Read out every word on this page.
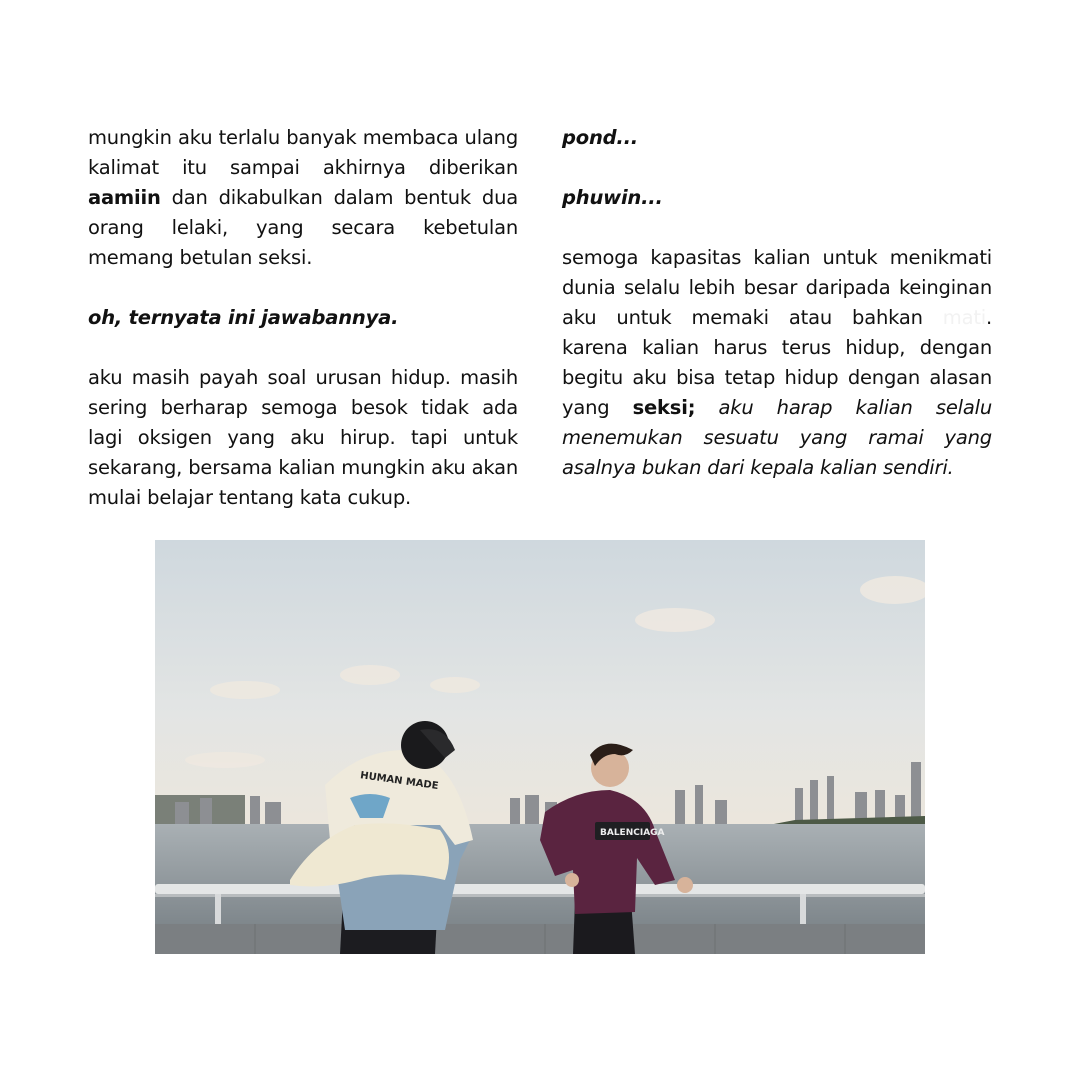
mungkin aku terlalu banyak membaca ulang kalimat itu sampai akhirnya diberikan aamiin dan dikabulkan dalam bentuk dua orang lelaki, yang secara kebetulan memang betulan seksi.

oh, ternyata ini jawabannya.

aku masih payah soal urusan hidup. masih sering berharap semoga besok tidak ada lagi oksigen yang aku hirup. tapi untuk sekarang, bersama kalian mungkin aku akan mulai belajar tentang kata cukup.

pond...

phuwin...

semoga kapasitas kalian untuk menikmati dunia selalu lebih besar daripada keinginan aku untuk memaki atau bahkan mati. karena kalian harus terus hidup, dengan begitu aku bisa tetap hidup dengan alasan yang seksi; aku harap kalian selalu menemukan sesuatu yang ramai yang asalnya bukan dari kepala kalian sendiri.

HUMAN MADE
BALENCIAGA
